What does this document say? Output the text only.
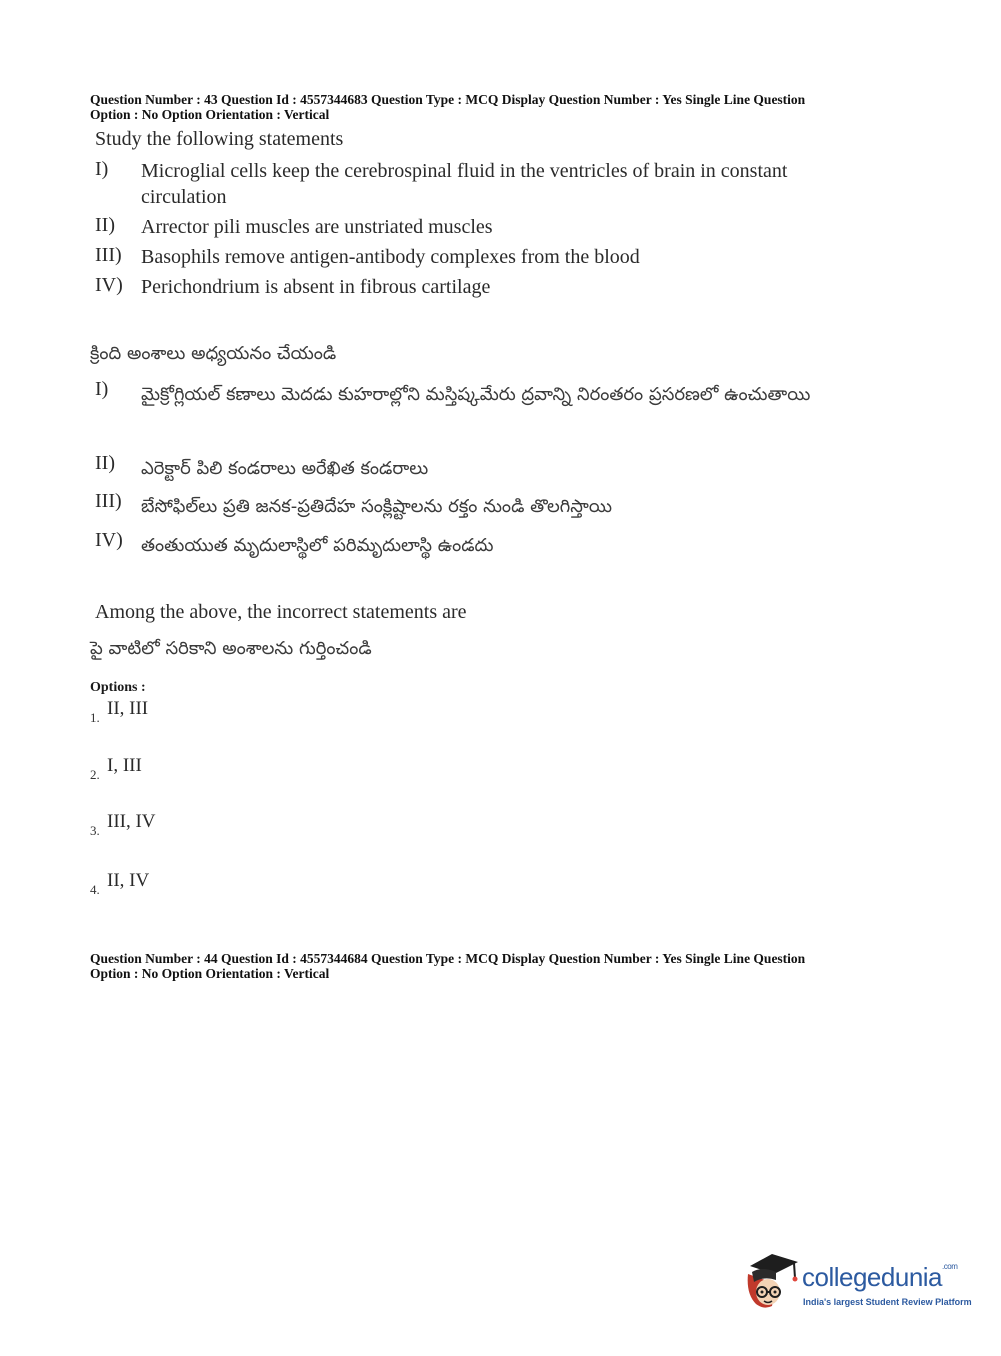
Question Number : 43 Question Id : 4557344683 Question Type : MCQ Display Question Number : Yes Single Line Question
Option : No Option Orientation : Vertical
Study the following statements
I) Microglial cells keep the cerebrospinal fluid in the ventricles of brain in constant circulation
II) Arrector pili muscles are unstriated muscles
III) Basophils remove antigen-antibody complexes from the blood
IV) Perichondrium is absent in fibrous cartilage
క్రింది అంశాలు అధ్యయనం చేయండి
I) మైక్రోగ్లియల్ కణాలు మెదడు కుహరాల్లోని మస్తిష్కమేరు ద్రవాన్ని నిరంతరం ప్రసరణలో ఉంచుతాయి
II) ఎరెక్టార్ పిలి కండరాలు అరేఖిత కండరాలు
III) బేసోఫిల్‌లు ప్రతి జనక-ప్రతిదేహ సంక్లిష్టాలను రక్తం నుండి తొలగిస్తాయి
IV) తంతుయుత మృదులాస్థిలో పరిమృదులాస్థి ఉండదు
Among the above, the incorrect statements are
పై వాటిలో సరికాని అంశాలను గుర్తించండి
Options :
1. II, III
2. I, III
3. III, IV
4. II, IV
Question Number : 44 Question Id : 4557344684 Question Type : MCQ Display Question Number : Yes Single Line Question
Option : No Option Orientation : Vertical
collegedunia$^{.com}$
India's largest Student Review Platform
